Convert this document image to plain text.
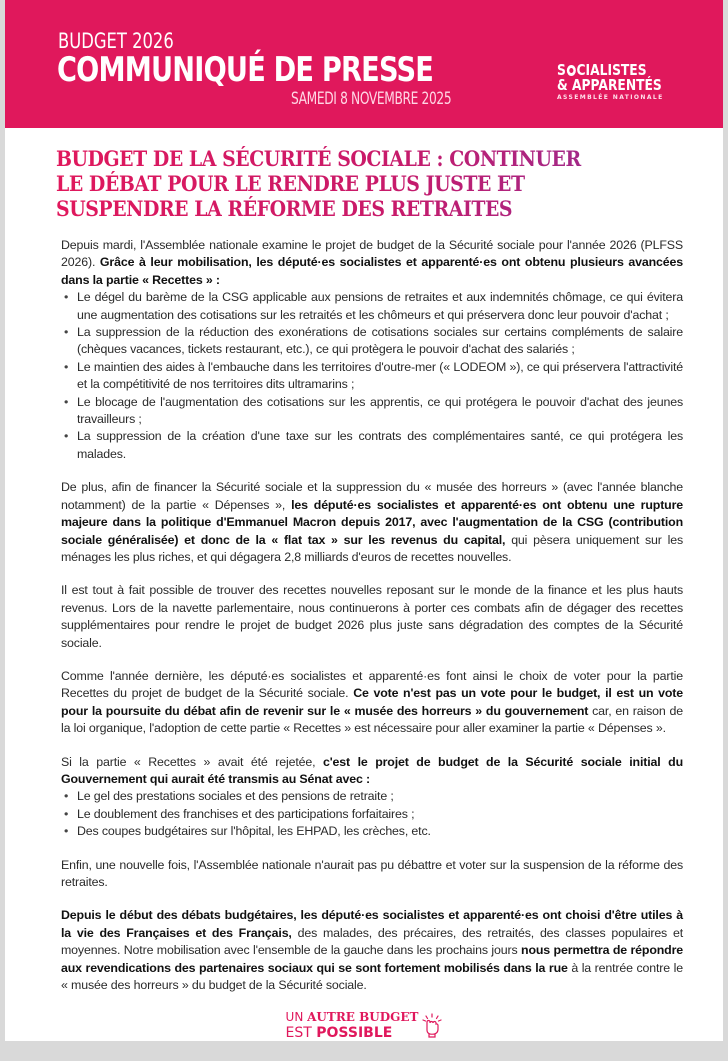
BUDGET 2026
COMMUNIQUÉ DE PRESSE
SAMEDI 8 NOVEMBRE 2025
S CIALISTES
& APPARENTÉS
ASSEMBLÉE NATIONALE
BUDGET DE LA SÉCURITÉ SOCIALE : CONTINUER
LE DÉBAT POUR LE RENDRE PLUS JUSTE ET
SUSPENDRE LA RÉFORME DES RETRAITES

Depuis mardi, l'Assemblée nationale examine le projet de budget de la Sécurité sociale pour l'année 2026 (PLFSS 2026). Grâce à leur mobilisation, les député·es socialistes et apparenté·es ont obtenu plusieurs avancées dans la partie « Recettes » :

• Le dégel du barème de la CSG applicable aux pensions de retraites et aux indemnités chômage, ce qui évitera une augmentation des cotisations sur les retraités et les chômeurs et qui préservera donc leur pouvoir d'achat ;
• La suppression de la réduction des exonérations de cotisations sociales sur certains compléments de salaire (chèques vacances, tickets restaurant, etc.), ce qui protègera le pouvoir d'achat des salariés ;
• Le maintien des aides à l'embauche dans les territoires d'outre-mer (« LODEOM »), ce qui préservera l'attractivité et la compétitivité de nos territoires dits ultramarins ;
• Le blocage de l'augmentation des cotisations sur les apprentis, ce qui protégera le pouvoir d'achat des jeunes travailleurs ;
• La suppression de la création d'une taxe sur les contrats des complémentaires santé, ce qui protégera les malades.

De plus, afin de financer la Sécurité sociale et la suppression du « musée des horreurs » (avec l'année blanche notamment) de la partie « Dépenses », les député·es socialistes et apparenté·es ont obtenu une rupture majeure dans la politique d'Emmanuel Macron depuis 2017, avec l'augmentation de la CSG (contribution sociale généralisée) et donc de la « flat tax » sur les revenus du capital, qui pèsera uniquement sur les ménages les plus riches, et qui dégagera 2,8 milliards d'euros de recettes nouvelles.

Il est tout à fait possible de trouver des recettes nouvelles reposant sur le monde de la finance et les plus hauts revenus. Lors de la navette parlementaire, nous continuerons à porter ces combats afin de dégager des recettes supplémentaires pour rendre le projet de budget 2026 plus juste sans dégradation des comptes de la Sécurité sociale.

Comme l'année dernière, les député·es socialistes et apparenté·es font ainsi le choix de voter pour la partie Recettes du projet de budget de la Sécurité sociale. Ce vote n'est pas un vote pour le budget, il est un vote pour la poursuite du débat afin de revenir sur le « musée des horreurs » du gouvernement car, en raison de la loi organique, l'adoption de cette partie « Recettes » est nécessaire pour aller examiner la partie « Dépenses ».

Si la partie « Recettes » avait été rejetée, c'est le projet de budget de la Sécurité sociale initial du Gouvernement qui aurait été transmis au Sénat avec :

• Le gel des prestations sociales et des pensions de retraite ;
• Le doublement des franchises et des participations forfaitaires ;
• Des coupes budgétaires sur l'hôpital, les EHPAD, les crèches, etc.

Enfin, une nouvelle fois, l'Assemblée nationale n'aurait pas pu débattre et voter sur la suspension de la réforme des retraites.

Depuis le début des débats budgétaires, les député·es socialistes et apparenté·es ont choisi d'être utiles à la vie des Françaises et des Français, des malades, des précaires, des retraités, des classes populaires et moyennes. Notre mobilisation avec l'ensemble de la gauche dans les prochains jours nous permettra de répondre aux revendications des partenaires sociaux qui se sont fortement mobilisés dans la rue à la rentrée contre le « musée des horreurs » du budget de la Sécurité sociale.

UN AUTRE BUDGET
EST POSSIBLE
